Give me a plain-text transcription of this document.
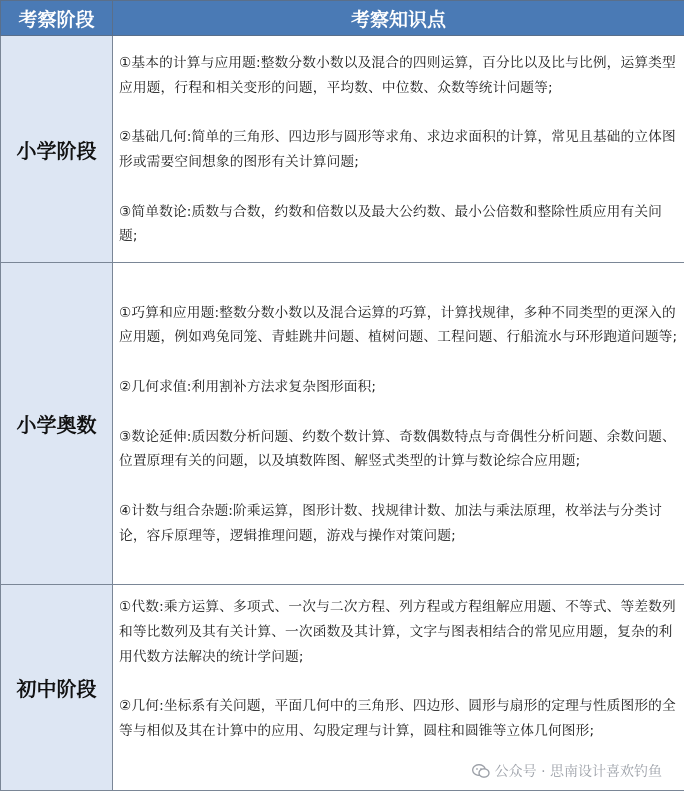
考察阶段	考察知识点
小学阶段	①基本的计算与应用题:整数分数小数以及混合的四则运算，百分比以及比与比例，运算类型应用题，行程和相关变形的问题，平均数、中位数、众数等统计问题等;
②基础几何:简单的三角形、四边形与圆形等求角、求边求面积的计算，常见且基础的立体图形或需要空间想象的图形有关计算问题;
③简单数论:质数与合数，约数和倍数以及最大公约数、最小公倍数和整除性质应用有关问题;

小学奥数	①巧算和应用题:整数分数小数以及混合运算的巧算，计算找规律，多种不同类型的更深入的应用题，例如鸡兔同笼、青蛙跳井问题、植树问题、工程问题、行船流水与环形跑道问题等;
②几何求值:利用割补方法求复杂图形面积;
③数论延伸:质因数分析问题、约数个数计算、奇数偶数特点与奇偶性分析问题、余数问题、位置原理有关的问题，以及填数阵图、解竖式类型的计算与数论综合应用题;
④计数与组合杂题:阶乘运算，图形计数、找规律计数、加法与乘法原理，枚举法与分类讨论，容斥原理等，逻辑推理问题，游戏与操作对策问题;

初中阶段	①代数:乘方运算、多项式、一次与二次方程、列方程或方程组解应用题、不等式、等差数列和等比数列及其有关计算、一次函数及其计算，文字与图表相结合的常见应用题，复杂的利用代数方法解决的统计学问题;
②几何:坐标系有关问题，平面几何中的三角形、四边形、圆形与扇形的定理与性质图形的全等与相似及其在计算中的应用、勾股定理与计算，圆柱和圆锥等立体几何图形;
公众号 · 思南设计喜欢钓鱼
